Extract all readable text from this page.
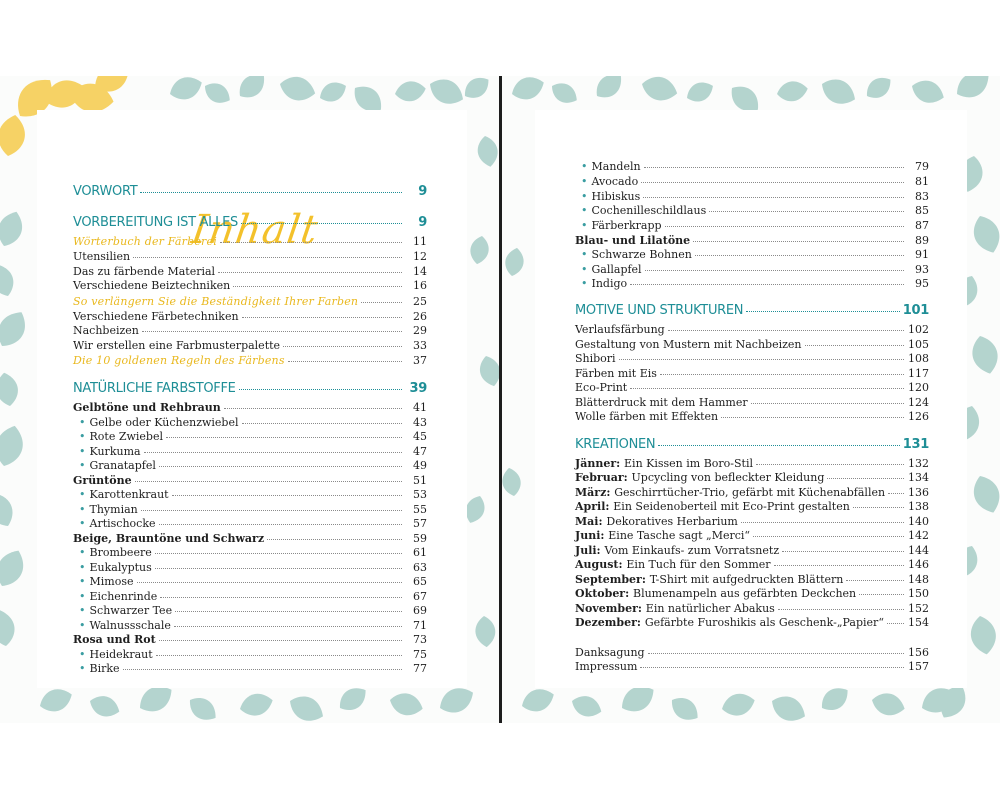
Inhalt
VORWORT	9
VORBEREITUNG IST ALLES	9
Wörterbuch der Färberei	11
Utensilien	12
Das zu färbende Material	14
Verschiedene Beiztechniken	16
So verlängern Sie die Beständigkeit Ihrer Farben	25
Verschiedene Färbetechniken	26
Nachbeizen	29
Wir erstellen eine Farbmusterpalette	33
Die 10 goldenen Regeln des Färbens	37
NATÜRLICHE FARBSTOFFE	39
Gelbtöne und Rehbraun	41
• Gelbe oder Küchenzwiebel	43
• Rote Zwiebel	45
• Kurkuma	47
• Granatapfel	49
Grüntöne	51
• Karottenkraut	53
• Thymian	55
• Artischocke	57
Beige, Brauntöne und Schwarz	59
• Brombeere	61
• Eukalyptus	63
• Mimose	65
• Eichenrinde	67
• Schwarzer Tee	69
• Walnussschale	71
Rosa und Rot	73
• Heidekraut	75
• Birke	77
• Mandeln	79
• Avocado	81
• Hibiskus	83
• Cochenilleschildlaus	85
• Färberkrapp	87
Blau- und Lilatöne	89
• Schwarze Bohnen	91
• Gallapfel	93
• Indigo	95
MOTIVE UND STRUKTUREN	101
Verlaufsfärbung	102
Gestaltung von Mustern mit Nachbeizen	105
Shibori	108
Färben mit Eis	117
Eco-Print	120
Blätterdruck mit dem Hammer	124
Wolle färben mit Effekten	126
KREATIONEN	131
Jänner: Ein Kissen im Boro-Stil	132
Februar: Upcycling von befleckter Kleidung	134
März: Geschirrtücher-Trio, gefärbt mit Küchenabfällen 136
April: Ein Seidenoberteil mit Eco-Print gestalten	138
Mai: Dekoratives Herbarium	140
Juni: Eine Tasche sagt „Merci“	142
Juli: Vom Einkaufs- zum Vorratsnetz	144
August: Ein Tuch für den Sommer	146
September: T-Shirt mit aufgedruckten Blättern	148
Oktober: Blumenampeln aus gefärbten Deckchen	150
November: Ein natürlicher Abakus	152
Dezember: Gefärbte Furoshikis als Geschenk-„Papier“ 154
Danksagung	156
Impressum	157
